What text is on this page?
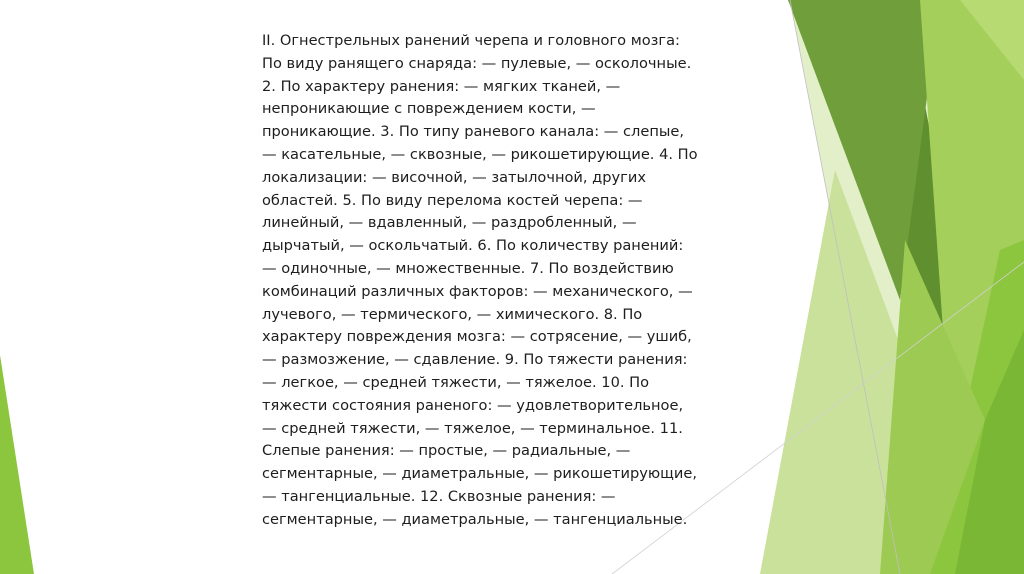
II. Огнестрельных ранений черепа и головного мозга:
По виду ранящего снаряда: — пулевые, — осколочные.
2. По характеру ранения: — мягких тканей, —
непроникающие с повреждением кости, —
проникающие. 3. По типу раневого канала: — слепые,
— касательные, — сквозные, — рикошетирующие. 4. По
локализации: — височной, — затылочной, других
областей. 5. По виду перелома костей черепа: —
линейный, — вдавленный, — раздробленный, —
дырчатый, — оскольчатый. 6. По количеству ранений:
— одиночные, — множественные. 7. По воздействию
комбинаций различных факторов: — механического, —
лучевого, — термического, — химического. 8. По
характеру повреждения мозга: — сотрясение, — ушиб,
— размозжение, — сдавление. 9. По тяжести ранения:
— легкое, — средней тяжести, — тяжелое. 10. По
тяжести состояния раненого: — удовлетворительное,
— средней тяжести, — тяжелое, — терминальное. 11.
Слепые ранения: — простые, — радиальные, —
сегментарные, — диаметральные, — рикошетирующие,
— тангенциальные. 12. Сквозные ранения: —
сегментарные, — диаметральные, — тангенциальные.
